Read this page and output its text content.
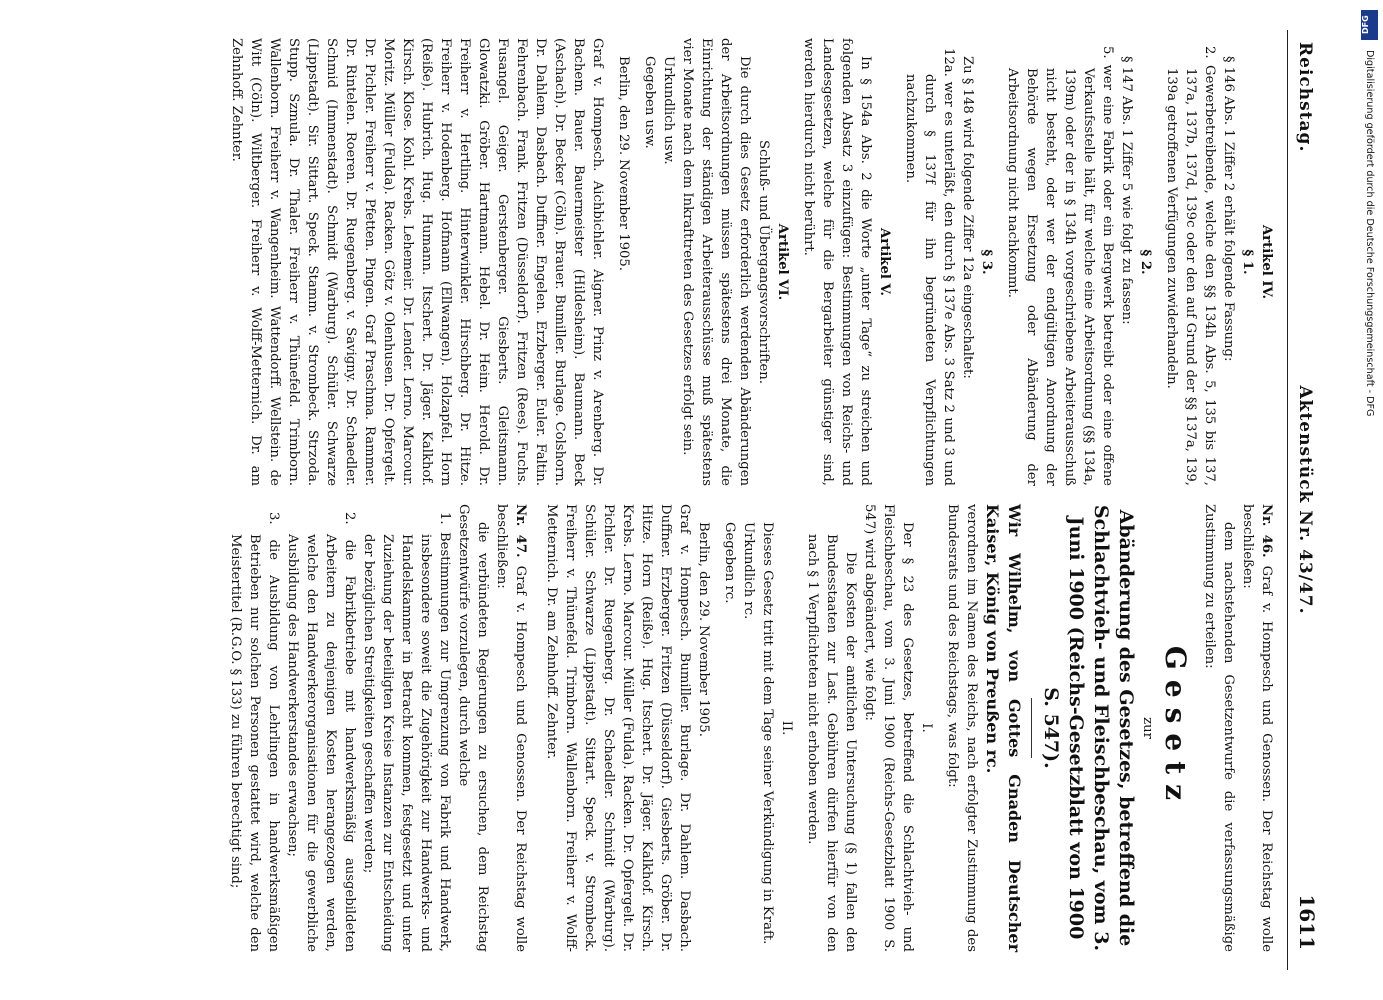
Reichstag.
Aktenstück Nr. 43/47.
1611

Artikel IV.

§ 1.

§ 146 Abs. 1 Ziffer 2 erhält folgende Fassung:

2. Gewerbetreibende, welche den §§ 134h Abs. 5, 135 bis 137, 137a, 137b, 137d, 139c oder den auf Grund der §§ 137a, 139, 139a getroffenen Verfügungen zuwiderhandeln.

§ 2.

§ 147 Abs. 1 Ziffer 5 wie folgt zu fassen:

5. wer eine Fabrik oder ein Bergwerk betreibt oder eine offene Verkaufsstelle hält, für welche eine Arbeitsordnung (§§ 134a, 139m) oder der in § 134h vorgeschriebene Arbeiterausschuß nicht besteht, oder wer der endgültigen Anordnung der Behörde wegen Ersetzung oder Abänderung der Arbeitsordnung nicht nachkommt.

§ 3.

Zu § 148 wird folgende Ziffer 12a eingeschaltet:

12a. wer es unterläßt, den durch § 137e Abs. 3 Satz 2 und 3 und durch § 137f für ihn begründeten Verpflichtungen nachzukommen.

Artikel V.

In § 154a Abs. 2 die Worte „unter Tage“ zu streichen und folgenden Absatz 3 einzufügen: Bestimmungen von Reichs- und Landesgesetzen, welche für die Bergarbeiter günstiger sind, werden hierdurch nicht berührt.

Artikel VI.

Schluß- und Übergangsvorschriften.

Die durch dies Gesetz erforderlich werdenden Abänderungen der Arbeitsordnungen müssen spätestens drei Monate, die Einrichtung der ständigen Arbeiterausschüsse muß spätestens vier Monate nach dem Inkrafttreten des Gesetzes erfolgt sein.

Urkundlich usw.

Gegeben usw.

Berlin, den 29. November 1905.

Graf v. Hompesch. Aichbichler. Aigner. Prinz v. Arenberg. Dr. Bachem. Bauer. Bauermeister (Hildesheim). Baumann. Beck (Aschach). Dr. Becker (Cöln). Brauer. Bumiller. Burlage. Colshorn. Dr. Dahlem. Dasbach. Duffner. Engelen. Erzberger. Euler. Faltin. Fehrenbach. Frank. Fritzen (Düsseldorf). Fritzen (Rees). Fuchs. Fusangel. Geiger. Gerstenberger. Giesberts. Gleitsmann. Glowatzki. Gröber. Hartmann. Hebel. Dr. Heim. Herold. Dr. Freiherr v. Hertling. Hinterwinkler. Hirschberg. Dr. Hitze. Freiherr v. Hodenberg. Hofmann (Ellwangen). Holzapfel. Horn (Reiße). Hubrich. Hug. Humann. Itschert. Dr. Jäger. Kalkhof. Kirsch. Klose. Kohl. Krebs. Lehemeir. Dr. Lender. Lerno. Marcour. Moritz. Müller (Fulda). Racken. Götz v. Olenhusen. Dr. Opfergelt. Dr. Pichler. Freiherr v. Pfetten. Pingen. Graf Praschma. Rammer. Dr. Rintelen. Roeren. Dr. Ruegenberg. v. Savigny. Dr. Schaedler. Schmid (Immenstadt). Schmidt (Warburg). Schüler. Schwarze (Lippstadt). Sir. Sittart. Speck. Stamm. v. Strombeck. Strzoda. Stupp. Szmula. Dr. Thaler. Freiherr v. Thünefeld. Trimborn. Wallenborn. Freiherr v. Wangenheim. Wattendorff. Wellstein. de Witt (Cöln). Wiltberger. Freiherr v. Wolff-Metternich. Dr. am Zehnhoff. Zehnter.

Nr. 46. Graf v. Hompesch und Genossen. Der Reichstag wolle beschließen:

dem nachstehenden Gesetzentwurfe die verfassungsmäßige Zustimmung zu erteilen:

Gesetz

zur

Abänderung des Gesetzes, betreffend die Schlachtvieh- und Fleischbeschau, vom 3. Juni 1900 (Reichs-Gesetzblatt von 1900 S. 547).

Wir Wilhelm, von Gottes Gnaden Deutscher Kaiser, König von Preußen rc.

verordnen im Namen des Reichs, nach erfolgter Zustimmung des Bundesrats und des Reichstags, was folgt:

I.

Der § 23 des Gesetzes, betreffend die Schlachtvieh- und Fleischbeschau, vom 3. Juni 1900 (Reichs-Gesetzblatt 1900 S. 547) wird abgeändert, wie folgt:

Die Kosten der amtlichen Untersuchung (§ 1) fallen den Bundesstaaten zur Last. Gebühren dürfen hierfür von den nach § 1 Verpflichteten nicht erhoben werden.

II.

Dieses Gesetz tritt mit dem Tage seiner Verkündigung in Kraft.

Urkundlich rc.

Gegeben rc.

Berlin, den 29. November 1905.

Graf v. Hompesch. Bumiller. Burlage. Dr. Dahlem. Dasbach. Duffner. Erzberger. Fritzen (Düsseldorf). Giesberts. Gröber. Dr. Hitze. Horn (Reiße). Hug. Itschert. Dr. Jäger. Kalkhof. Kirsch. Krebs. Lerno. Marcour. Müller (Fulda). Racken. Dr. Opfergelt. Dr. Pichler. Dr. Ruegenberg. Dr. Schaedler. Schmidt (Warburg). Schüler. Schwarze (Lippstadt). Sittart. Speck. v. Strombeck. Freiherr v. Thünefeld. Trimborn. Wallenborn. Freiherr v. Wolff-Metternich. Dr. am Zehnhoff. Zehnter.

Nr. 47. Graf v. Hompesch und Genossen. Der Reichstag wolle beschließen:

die verbündeten Regierungen zu ersuchen, dem Reichstag Gesetzentwürfe vorzulegen, durch welche

1. Bestimmungen zur Umgrenzung von Fabrik und Handwerk, insbesondere soweit die Zugehörigkeit zur Handwerks- und Handelskammer in Betracht kommen, festgesetzt und unter Zuziehung der beteiligten Kreise Instanzen zur Entscheidung der bezüglichen Streitigkeiten geschaffen werden;

2. die Fabrikbetriebe mit handwerksmäßig ausgebildeten Arbeitern zu denjenigen Kosten herangezogen werden, welche den Handwerkerorganisationen für die gewerbliche Ausbildung des Handwerkerstandes erwachsen;

3. die Ausbildung von Lehrlingen in handwerksmäßigen Betrieben nur solchen Personen gestattet wird, welche den Meistertitel (R.G.O. § 133) zu führen berechtigt sind;

DFG
Digitalisierung gefördert durch die Deutsche Forschungsgemeinschaft - DFG
